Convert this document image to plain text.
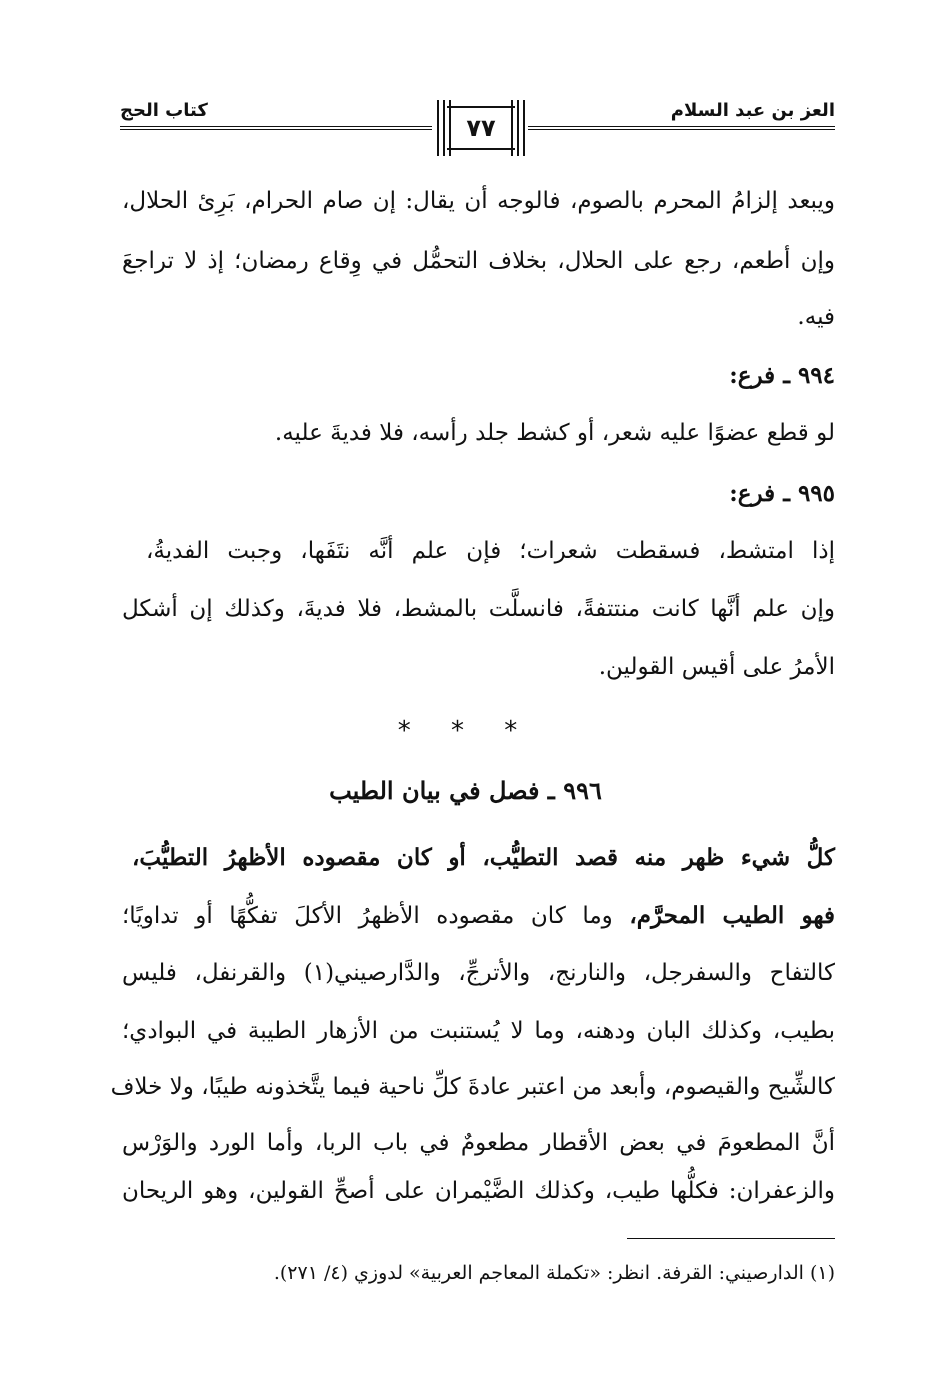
العز بن عبد السلام
كتاب الحج
٧٧
ويبعد إلزامُ المحرم بالصوم، فالوجه أن يقال: إن صام الحرام، بَرِئ الحلال،
وإن أطعم، رجع على الحلال، بخلاف التحمُّل في وِقاع رمضان؛ إذ لا تراجعَ
فيه.
٩٩٤ ـ فرع:
لو قطع عضوًا عليه شعر، أو كشط جلد رأسه، فلا فديةَ عليه.
٩٩٥ ـ فرع:
إذا امتشط، فسقطت شعرات؛ فإن علم أنَّه نتَفَها، وجبت الفديةُ،
وإن علم أنَّها كانت منتتفةً، فانسلَّت بالمشط، فلا فديةَ، وكذلك إن أشكل
الأمرُ على أقيس القولين.
* * *
٩٩٦ ـ فصل في بيان الطيب
كلُّ شيء ظهر منه قصد التطيُّب، أو كان مقصوده الأظهرُ التطيُّبَ،
فهو الطيب المحرَّم، وما كان مقصوده الأظهرُ الأكلَ تفكُّهًا أو تداويًا؛
كالتفاح والسفرجل، والنارنج، والأترجِّ، والدَّارصيني(١) والقرنفل، فليس
بطيب، وكذلك البان ودهنه، وما لا يُستنبت من الأزهار الطيبة في البوادي؛
كالشِّيح والقيصوم، وأبعد من اعتبر عادةَ كلِّ ناحية فيما يتَّخذونه طيبًا، ولا خلاف
أنَّ المطعومَ في بعض الأقطار مطعومٌ في باب الربا، وأما الورد والوَرْس
والزعفران: فكلُّها طيب، وكذلك الضَّيْمران على أصحِّ القولين، وهو الريحان
(١) الدارصيني: القرفة. انظر: «تكملة المعاجم العربية» لدوزي (٤/ ٢٧١).
